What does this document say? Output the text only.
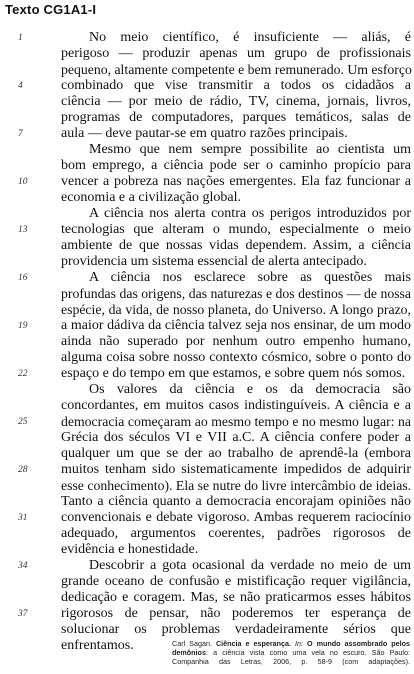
Texto CG1A1-I
1	No meio científico, é insuficiente — aliás, é
perigoso — produzir apenas um grupo de profissionais
pequeno, altamente competente e bem remunerado. Um esforço
4	combinado que vise transmitir a todos os cidadãos a
ciência — por meio de rádio, TV, cinema, jornais, livros,
programas de computadores, parques temáticos, salas de
7	aula — deve pautar-se em quatro razões principais.
Mesmo que nem sempre possibilite ao cientista um
bom emprego, a ciência pode ser o caminho propício para
10	vencer a pobreza nas nações emergentes. Ela faz funcionar a
economia e a civilização global.
A ciência nos alerta contra os perigos introduzidos por
13	tecnologias que alteram o mundo, especialmente o meio
ambiente de que nossas vidas dependem. Assim, a ciência
providencia um sistema essencial de alerta antecipado.
16	A ciência nos esclarece sobre as questões mais
profundas das origens, das naturezas e dos destinos — de nossa
espécie, da vida, de nosso planeta, do Universo. A longo prazo,
19	a maior dádiva da ciência talvez seja nos ensinar, de um modo
ainda não superado por nenhum outro empenho humano,
alguma coisa sobre nosso contexto cósmico, sobre o ponto do
22	espaço e do tempo em que estamos, e sobre quem nós somos.
Os valores da ciência e os da democracia são
concordantes, em muitos casos indistinguíveis. A ciência e a
25	democracia começaram ao mesmo tempo e no mesmo lugar: na
Grécia dos séculos VI e VII a.C. A ciência confere poder a
qualquer um que se der ao trabalho de aprendê-la (embora
28	muitos tenham sido sistematicamente impedidos de adquirir
esse conhecimento). Ela se nutre do livre intercâmbio de ideias.
Tanto a ciência quanto a democracia encorajam opiniões não
31	convencionais e debate vigoroso. Ambas requerem raciocínio
adequado, argumentos coerentes, padrões rigorosos de
evidência e honestidade.
34	Descobrir a gota ocasional da verdade no meio de um
grande oceano de confusão e mistificação requer vigilância,
dedicação e coragem. Mas, se não praticarmos esses hábitos
37	rigorosos de pensar, não poderemos ter esperança de
solucionar os problemas verdadeiramente sérios que
enfrentamos.	Carl Sagan. Ciência e esperança. In: O mundo assombrado pelos demônios: a ciência vista como uma vela no escuro. São Paulo: Companhia das Letras, 2006, p. 58-9 (com adaptações).
